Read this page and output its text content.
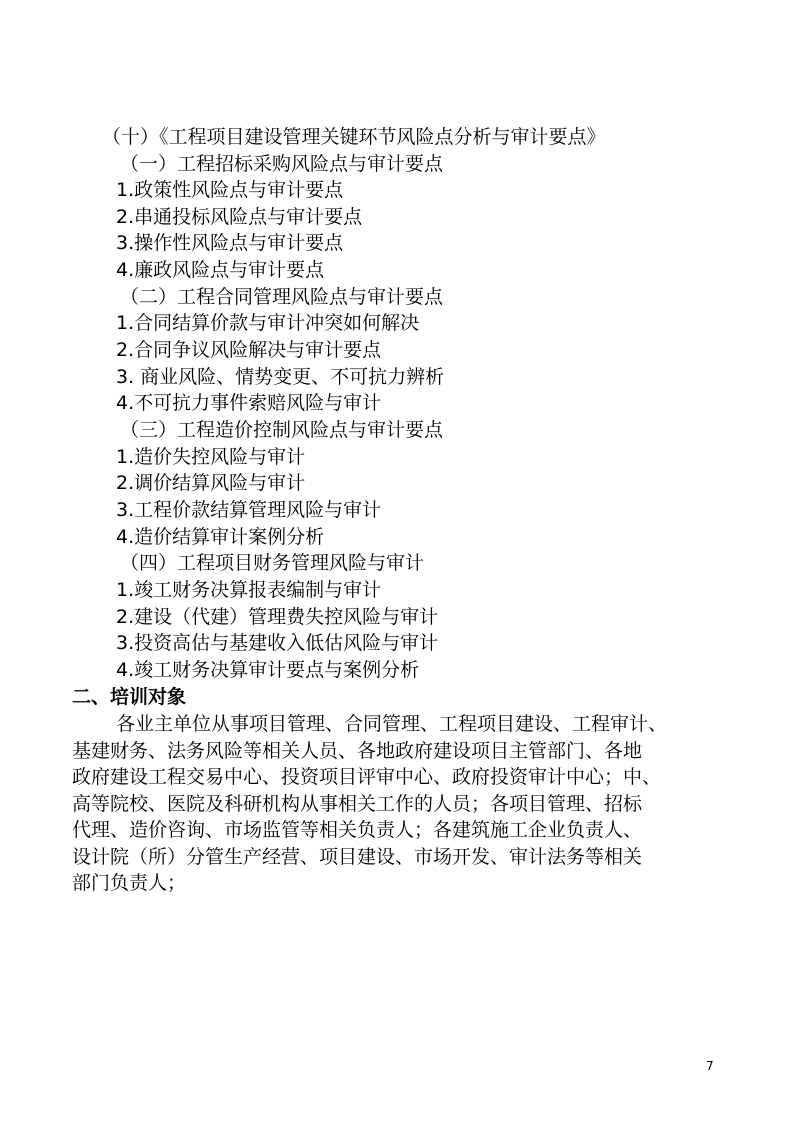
（十）《工程项目建设管理关键环节风险点分析与审计要点》
（一）工程招标采购风险点与审计要点
1.政策性风险点与审计要点
2.串通投标风险点与审计要点
3.操作性风险点与审计要点
4.廉政风险点与审计要点
（二）工程合同管理风险点与审计要点
1.合同结算价款与审计冲突如何解决
2.合同争议风险解决与审计要点
3. 商业风险、情势变更、不可抗力辨析
4.不可抗力事件索赔风险与审计
（三）工程造价控制风险点与审计要点
1.造价失控风险与审计
2.调价结算风险与审计
3.工程价款结算管理风险与审计
4.造价结算审计案例分析
（四）工程项目财务管理风险与审计
1.竣工财务决算报表编制与审计
2.建设（代建）管理费失控风险与审计
3.投资高估与基建收入低估风险与审计
4.竣工财务决算审计要点与案例分析
二、培训对象

各业主单位从事项目管理、合同管理、工程项目建设、工程审计、

基建财务、法务风险等相关人员、各地政府建设项目主管部门、各地

政府建设工程交易中心、投资项目评审中心、政府投资审计中心；中、

高等院校、医院及科研机构从事相关工作的人员；各项目管理、招标

代理、造价咨询、市场监管等相关负责人；各建筑施工企业负责人、

设计院（所）分管生产经营、项目建设、市场开发、审计法务等相关

部门负责人；

7
